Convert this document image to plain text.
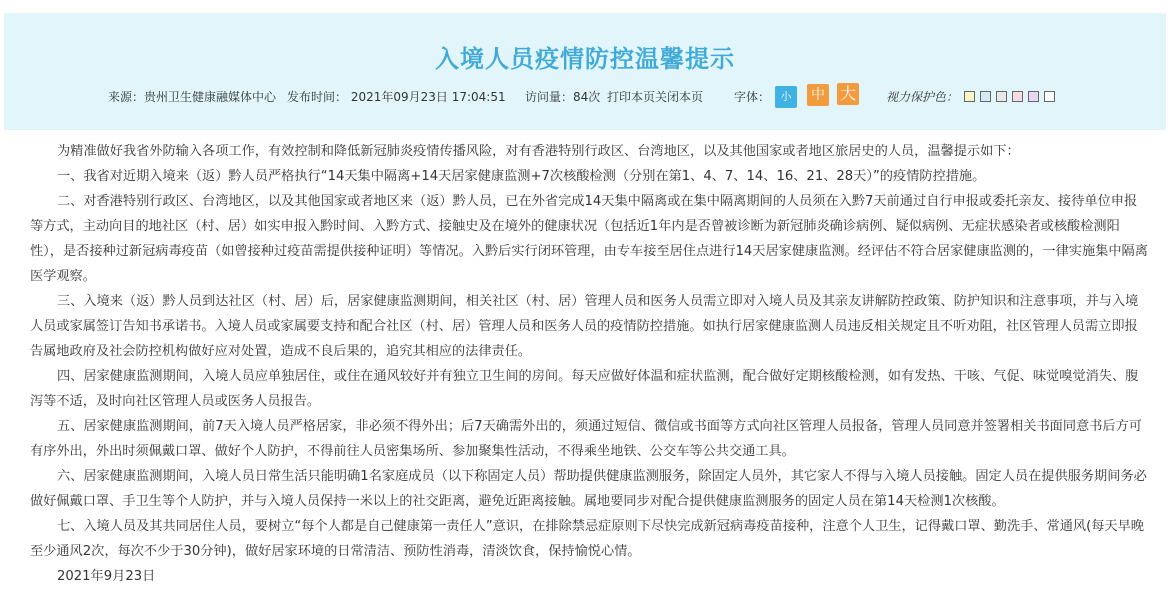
入境人员疫情防控温馨提示
来源：贵州卫生健康融媒体中心 发布时间： 2021年09月23日 17:04:51 访问量：84次 打印本页 关闭本页	字体： 小	中 大	视力保护色：

为精准做好我省外防输入各项工作，有效控制和降低新冠肺炎疫情传播风险，对有香港特别行政区、台湾地区，以及其他国家或者地区旅居史的人员，温馨提示如下：

一、我省对近期入境来（返）黔人员严格执行“14天集中隔离+14天居家健康监测+7次核酸检测（分别在第1、4、7、14、16、21、28天）”的疫情防控措施。

二、对香港特别行政区、台湾地区，以及其他国家或者地区来（返）黔人员，已在外省完成14天集中隔离或在集中隔离期间的人员须在入黔7天前通过自行申报或委托亲友、接待单位申报等方式，主动向目的地社区（村、居）如实申报入黔时间、入黔方式、接触史及在境外的健康状况（包括近1年内是否曾被诊断为新冠肺炎确诊病例、疑似病例、无症状感染者或核酸检测阳性），是否接种过新冠病毒疫苗（如曾接种过疫苗需提供接种证明）等情况。入黔后实行闭环管理，由专车接至居住点进行14天居家健康监测。经评估不符合居家健康监测的，一律实施集中隔离医学观察。

三、入境来（返）黔人员到达社区（村、居）后，居家健康监测期间，相关社区（村、居）管理人员和医务人员需立即对入境人员及其亲友讲解防控政策、防护知识和注意事项，并与入境人员或家属签订告知书承诺书。入境人员或家属要支持和配合社区（村、居）管理人员和医务人员的疫情防控措施。如执行居家健康监测人员违反相关规定且不听劝阻，社区管理人员需立即报告属地政府及社会防控机构做好应对处置，造成不良后果的，追究其相应的法律责任。

四、居家健康监测期间，入境人员应单独居住，或住在通风较好并有独立卫生间的房间。每天应做好体温和症状监测，配合做好定期核酸检测，如有发热、干咳、气促、味觉嗅觉消失、腹泻等不适，及时向社区管理人员或医务人员报告。

五、居家健康监测期间，前7天入境人员严格居家，非必须不得外出；后7天确需外出的，须通过短信、微信或书面等方式向社区管理人员报备，管理人员同意并签署相关书面同意书后方可有序外出，外出时须佩戴口罩、做好个人防护，不得前往人员密集场所、参加聚集性活动，不得乘坐地铁、公交车等公共交通工具。

六、居家健康监测期间，入境人员日常生活只能明确1名家庭成员（以下称固定人员）帮助提供健康监测服务，除固定人员外，其它家人不得与入境人员接触。固定人员在提供服务期间务必做好佩戴口罩、手卫生等个人防护，并与入境人员保持一米以上的社交距离，避免近距离接触。属地要同步对配合提供健康监测服务的固定人员在第14天检测1次核酸。

七、入境人员及其共同居住人员，要树立“每个人都是自己健康第一责任人”意识，在排除禁忌症原则下尽快完成新冠病毒疫苗接种，注意个人卫生，记得戴口罩、勤洗手、常通风(每天早晚至少通风2次，每次不少于30分钟)，做好居家环境的日常清洁、预防性消毒，清淡饮食，保持愉悦心情。

2021年9月23日
